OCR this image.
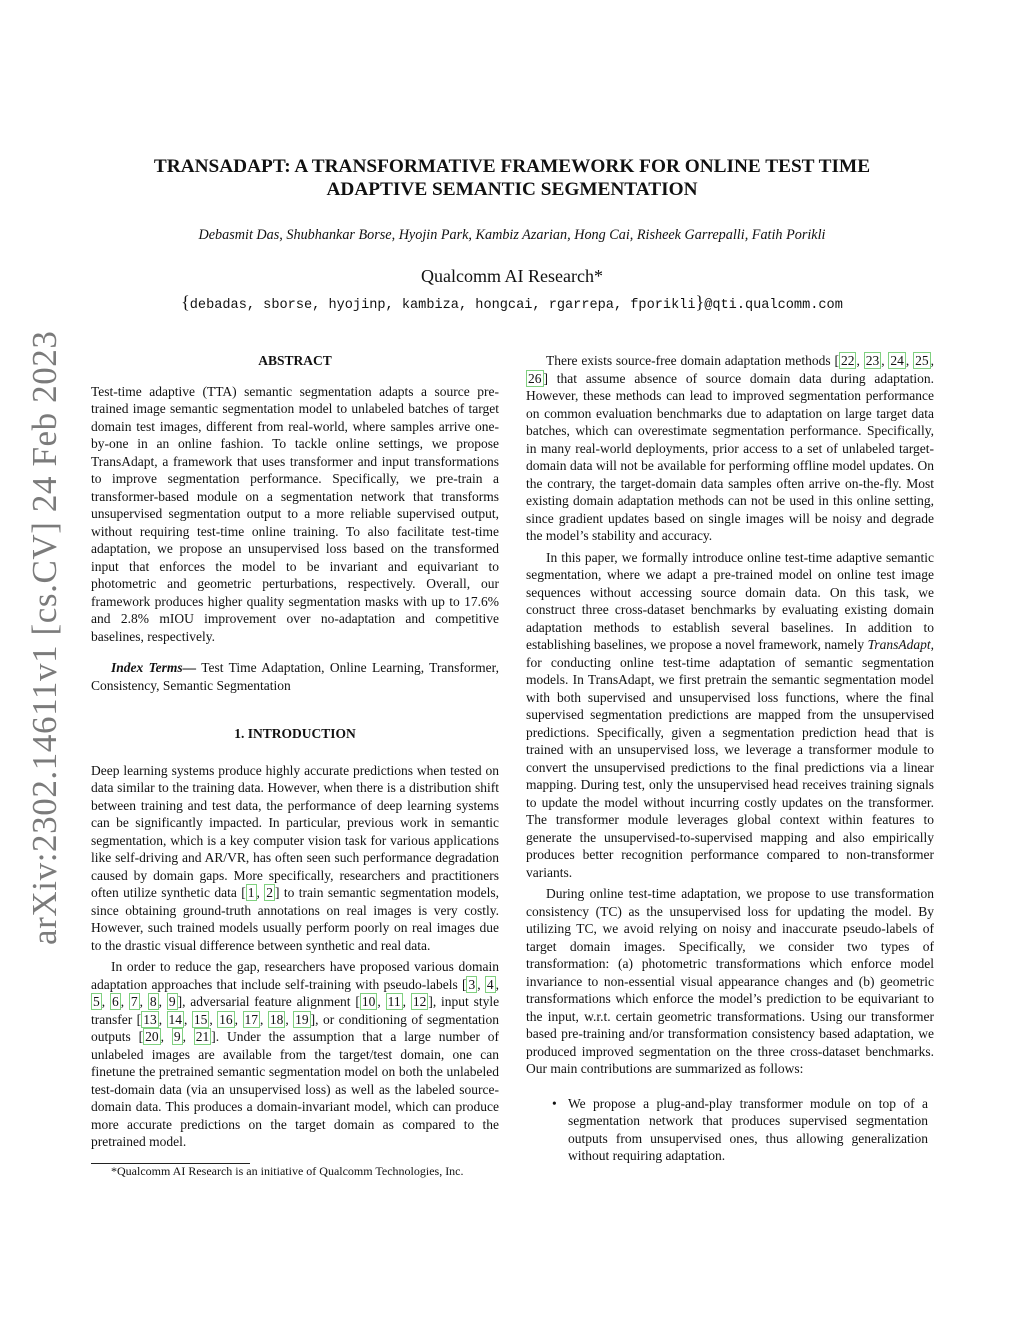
arXiv:2302.14611v1 [cs.CV] 24 Feb 2023
TRANSADAPT: A TRANSFORMATIVE FRAMEWORK FOR ONLINE TEST TIME
ADAPTIVE SEMANTIC SEGMENTATION
Debasmit Das, Shubhankar Borse, Hyojin Park, Kambiz Azarian, Hong Cai, Risheek Garrepalli, Fatih Porikli
Qualcomm AI Research*
{debadas, sborse, hyojinp, kambiza, hongcai, rgarrepa, fporikli}@qti.qualcomm.com
ABSTRACT

Test-time adaptive (TTA) semantic segmentation adapts a source pre-trained image semantic segmentation model to unlabeled batches of target domain test images, different from real-world, where samples arrive one-by-one in an online fashion. To tackle online settings, we propose TransAdapt, a framework that uses transformer and input transformations to improve segmentation performance. Specifically, we pre-train a transformer-based module on a segmentation network that transforms unsupervised segmentation output to a more reliable supervised output, without requiring test-time online training. To also facilitate test-time adaptation, we propose an unsupervised loss based on the transformed input that enforces the model to be invariant and equivariant to photometric and geometric perturbations, respectively. Overall, our framework produces higher quality segmentation masks with up to 17.6% and 2.8% mIOU improvement over no-adaptation and competitive baselines, respectively.

Index Terms— Test Time Adaptation, Online Learning, Transformer, Consistency, Semantic Segmentation

1. INTRODUCTION

Deep learning systems produce highly accurate predictions when tested on data similar to the training data. However, when there is a distribution shift between training and test data, the performance of deep learning systems can be significantly impacted. In particular, previous work in semantic segmentation, which is a key computer vision task for various applications like self-driving and AR/VR, has often seen such performance degradation caused by domain gaps. More specifically, researchers and practitioners often utilize synthetic data [ 1 , 2 ] to train semantic segmentation models, since obtaining ground-truth annotations on real images is very costly. However, such trained models usually perform poorly on real images due to the drastic visual difference between synthetic and real data.

In order to reduce the gap, researchers have proposed various domain adaptation approaches that include self-training with pseudo-labels [ 3 , 4 , 5 , 6 , 7 , 8 , 9 ], adversarial feature alignment [ 10 , 11 , 12 ], input style transfer [ 13 , 14 , 15 , 16 , 17 , 18 , 19 ], or conditioning of segmentation outputs [ 20 , 9 , 21 ]. Under the assumption that a large number of unlabeled images are available from the target/test domain, one can finetune the pretrained semantic segmentation model on both the unlabeled test-domain data (via an unsupervised loss) as well as the labeled source-domain data. This produces a domain-invariant model, which can produce more accurate predictions on the target domain as compared to the pretrained model.

*Qualcomm AI Research is an initiative of Qualcomm Technologies, Inc.

There exists source-free domain adaptation methods [ 22 , 23 , 24 , 25 , 26 ] that assume absence of source domain data during adaptation. However, these methods can lead to improved segmentation performance on common evaluation benchmarks due to adaptation on large target data batches, which can overestimate segmentation performance. Specifically, in many real-world deployments, prior access to a set of unlabeled target-domain data will not be available for performing offline model updates. On the contrary, the target-domain data samples often arrive on-the-fly. Most existing domain adaptation methods can not be used in this online setting, since gradient updates based on single images will be noisy and degrade the model’s stability and accuracy.

In this paper, we formally introduce online test-time adaptive semantic segmentation, where we adapt a pre-trained model on online test image sequences without accessing source domain data. On this task, we construct three cross-dataset benchmarks by evaluating existing domain adaptation methods to establish several baselines. In addition to establishing baselines, we propose a novel framework, namely TransAdapt, for conducting online test-time adaptation of semantic segmentation models. In TransAdapt, we first pretrain the semantic segmentation model with both supervised and unsupervised loss functions, where the final supervised segmentation predictions are mapped from the unsupervised predictions. Specifically, given a segmentation prediction head that is trained with an unsupervised loss, we leverage a transformer module to convert the unsupervised predictions to the final predictions via a linear mapping. During test, only the unsupervised head receives training signals to update the model without incurring costly updates on the transformer. The transformer module leverages global context within features to generate the unsupervised-to-supervised mapping and also empirically produces better recognition performance compared to non-transformer variants.

During online test-time adaptation, we propose to use transformation consistency (TC) as the unsupervised loss for updating the model. By utilizing TC, we avoid relying on noisy and inaccurate pseudo-labels of target domain images. Specifically, we consider two types of transformation: (a) photometric transformations which enforce model invariance to non-essential visual appearance changes and (b) geometric transformations which enforce the model’s prediction to be equivariant to the input, w.r.t. certain geometric transformations. Using our transformer based pre-training and/or transformation consistency based adaptation, we produced improved segmentation on the three cross-dataset benchmarks. Our main contributions are summarized as follows:

• We propose a plug-and-play transformer module on top of a segmentation network that produces supervised segmentation outputs from unsupervised ones, thus allowing generalization without requiring adaptation.
